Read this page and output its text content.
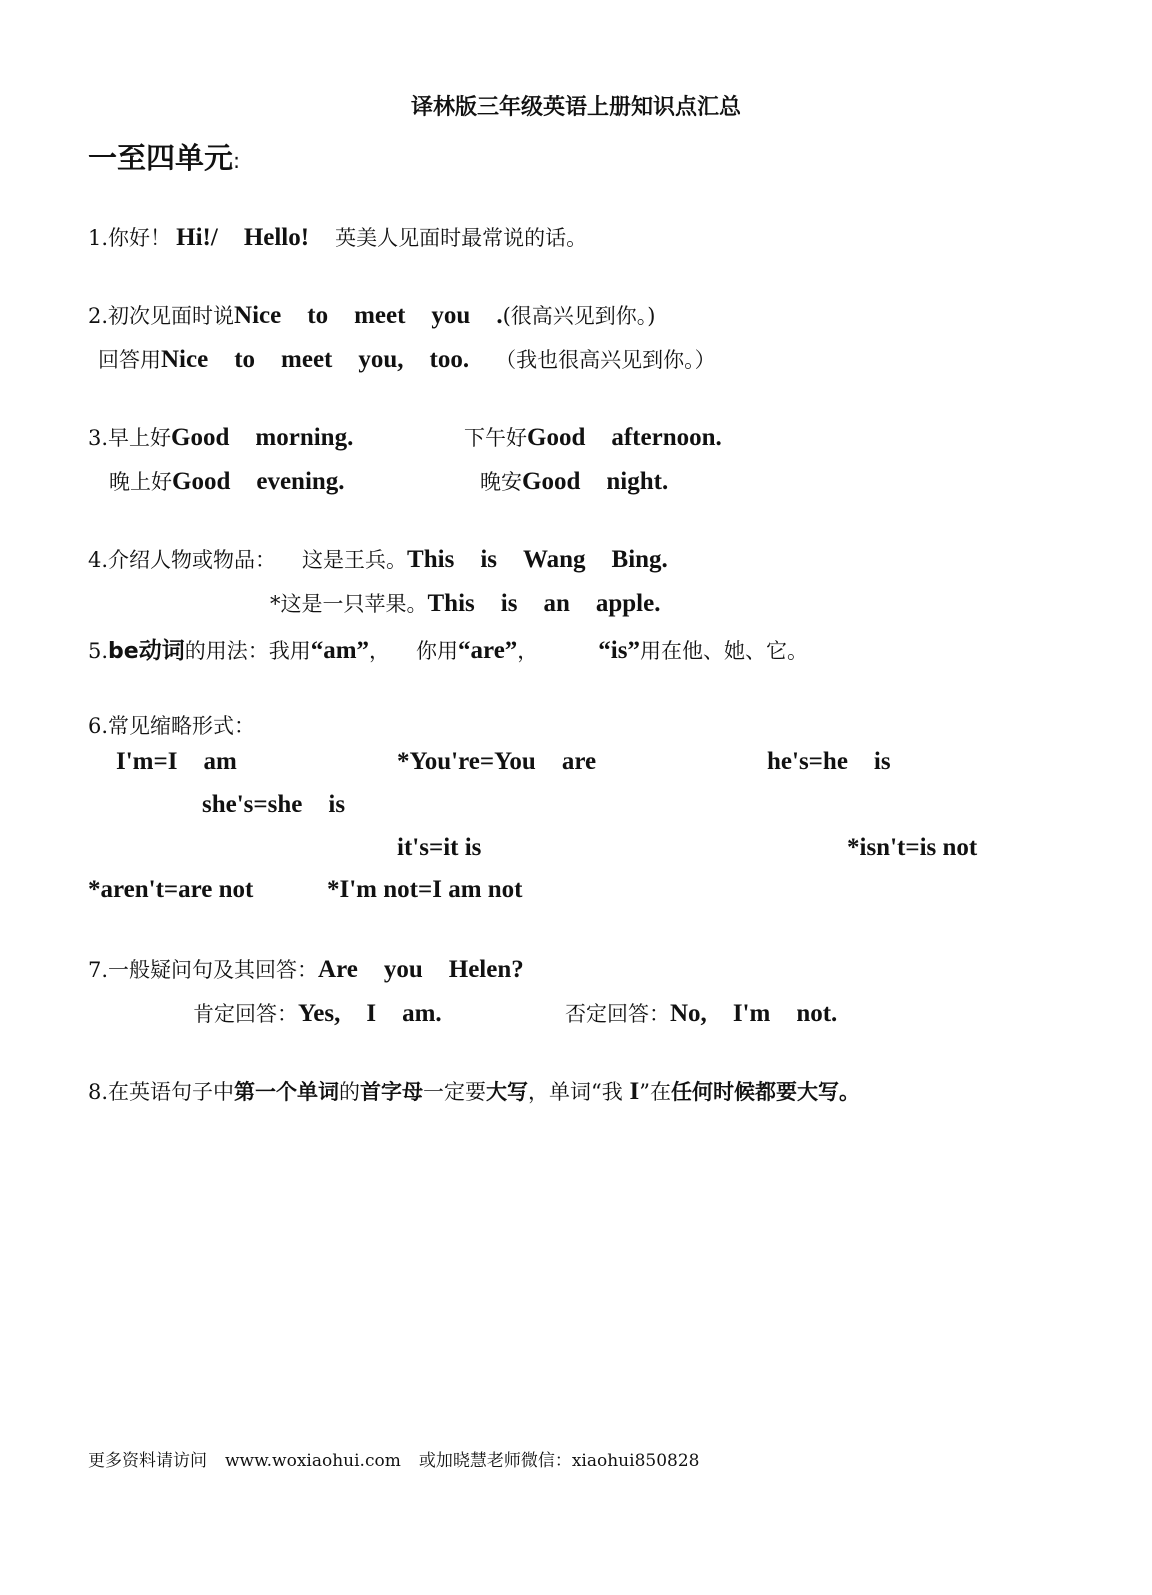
译林版三年级英语上册知识点汇总
一至四单元:
1.你好！ Hi!/ Hello! 英美人见面时最常说的话。
2.初次见面时说Nice to meet you .(很高兴见到你。)
回答用Nice to meet you, too. （我也很高兴见到你。）
3.早上好Good morning.	下午好Good afternoon.
晚上好Good evening.	晚安Good night.
4.介绍人物或物品： 这是王兵。This is Wang Bing.
*这是一只苹果。This is an apple.
5.be动词的用法：我用“am”， 你用“are”， “is”用在他、她、它。
6.常见缩略形式：
I'm=I am	*You're=You are	he's=he is
she's=she is
it's=it is	*isn't=is not
*aren't=are not	*I'm not=I am not
7.一般疑问句及其回答：Are you Helen?
肯定回答：Yes, I am.	否定回答：No, I'm not.
8.在英语句子中第一个单词的首字母一定要大写，单词“我 I”在任何时候都要大写。
更多资料请访问 www.woxiaohui.com 或加晓慧老师微信：xiaohui850828
